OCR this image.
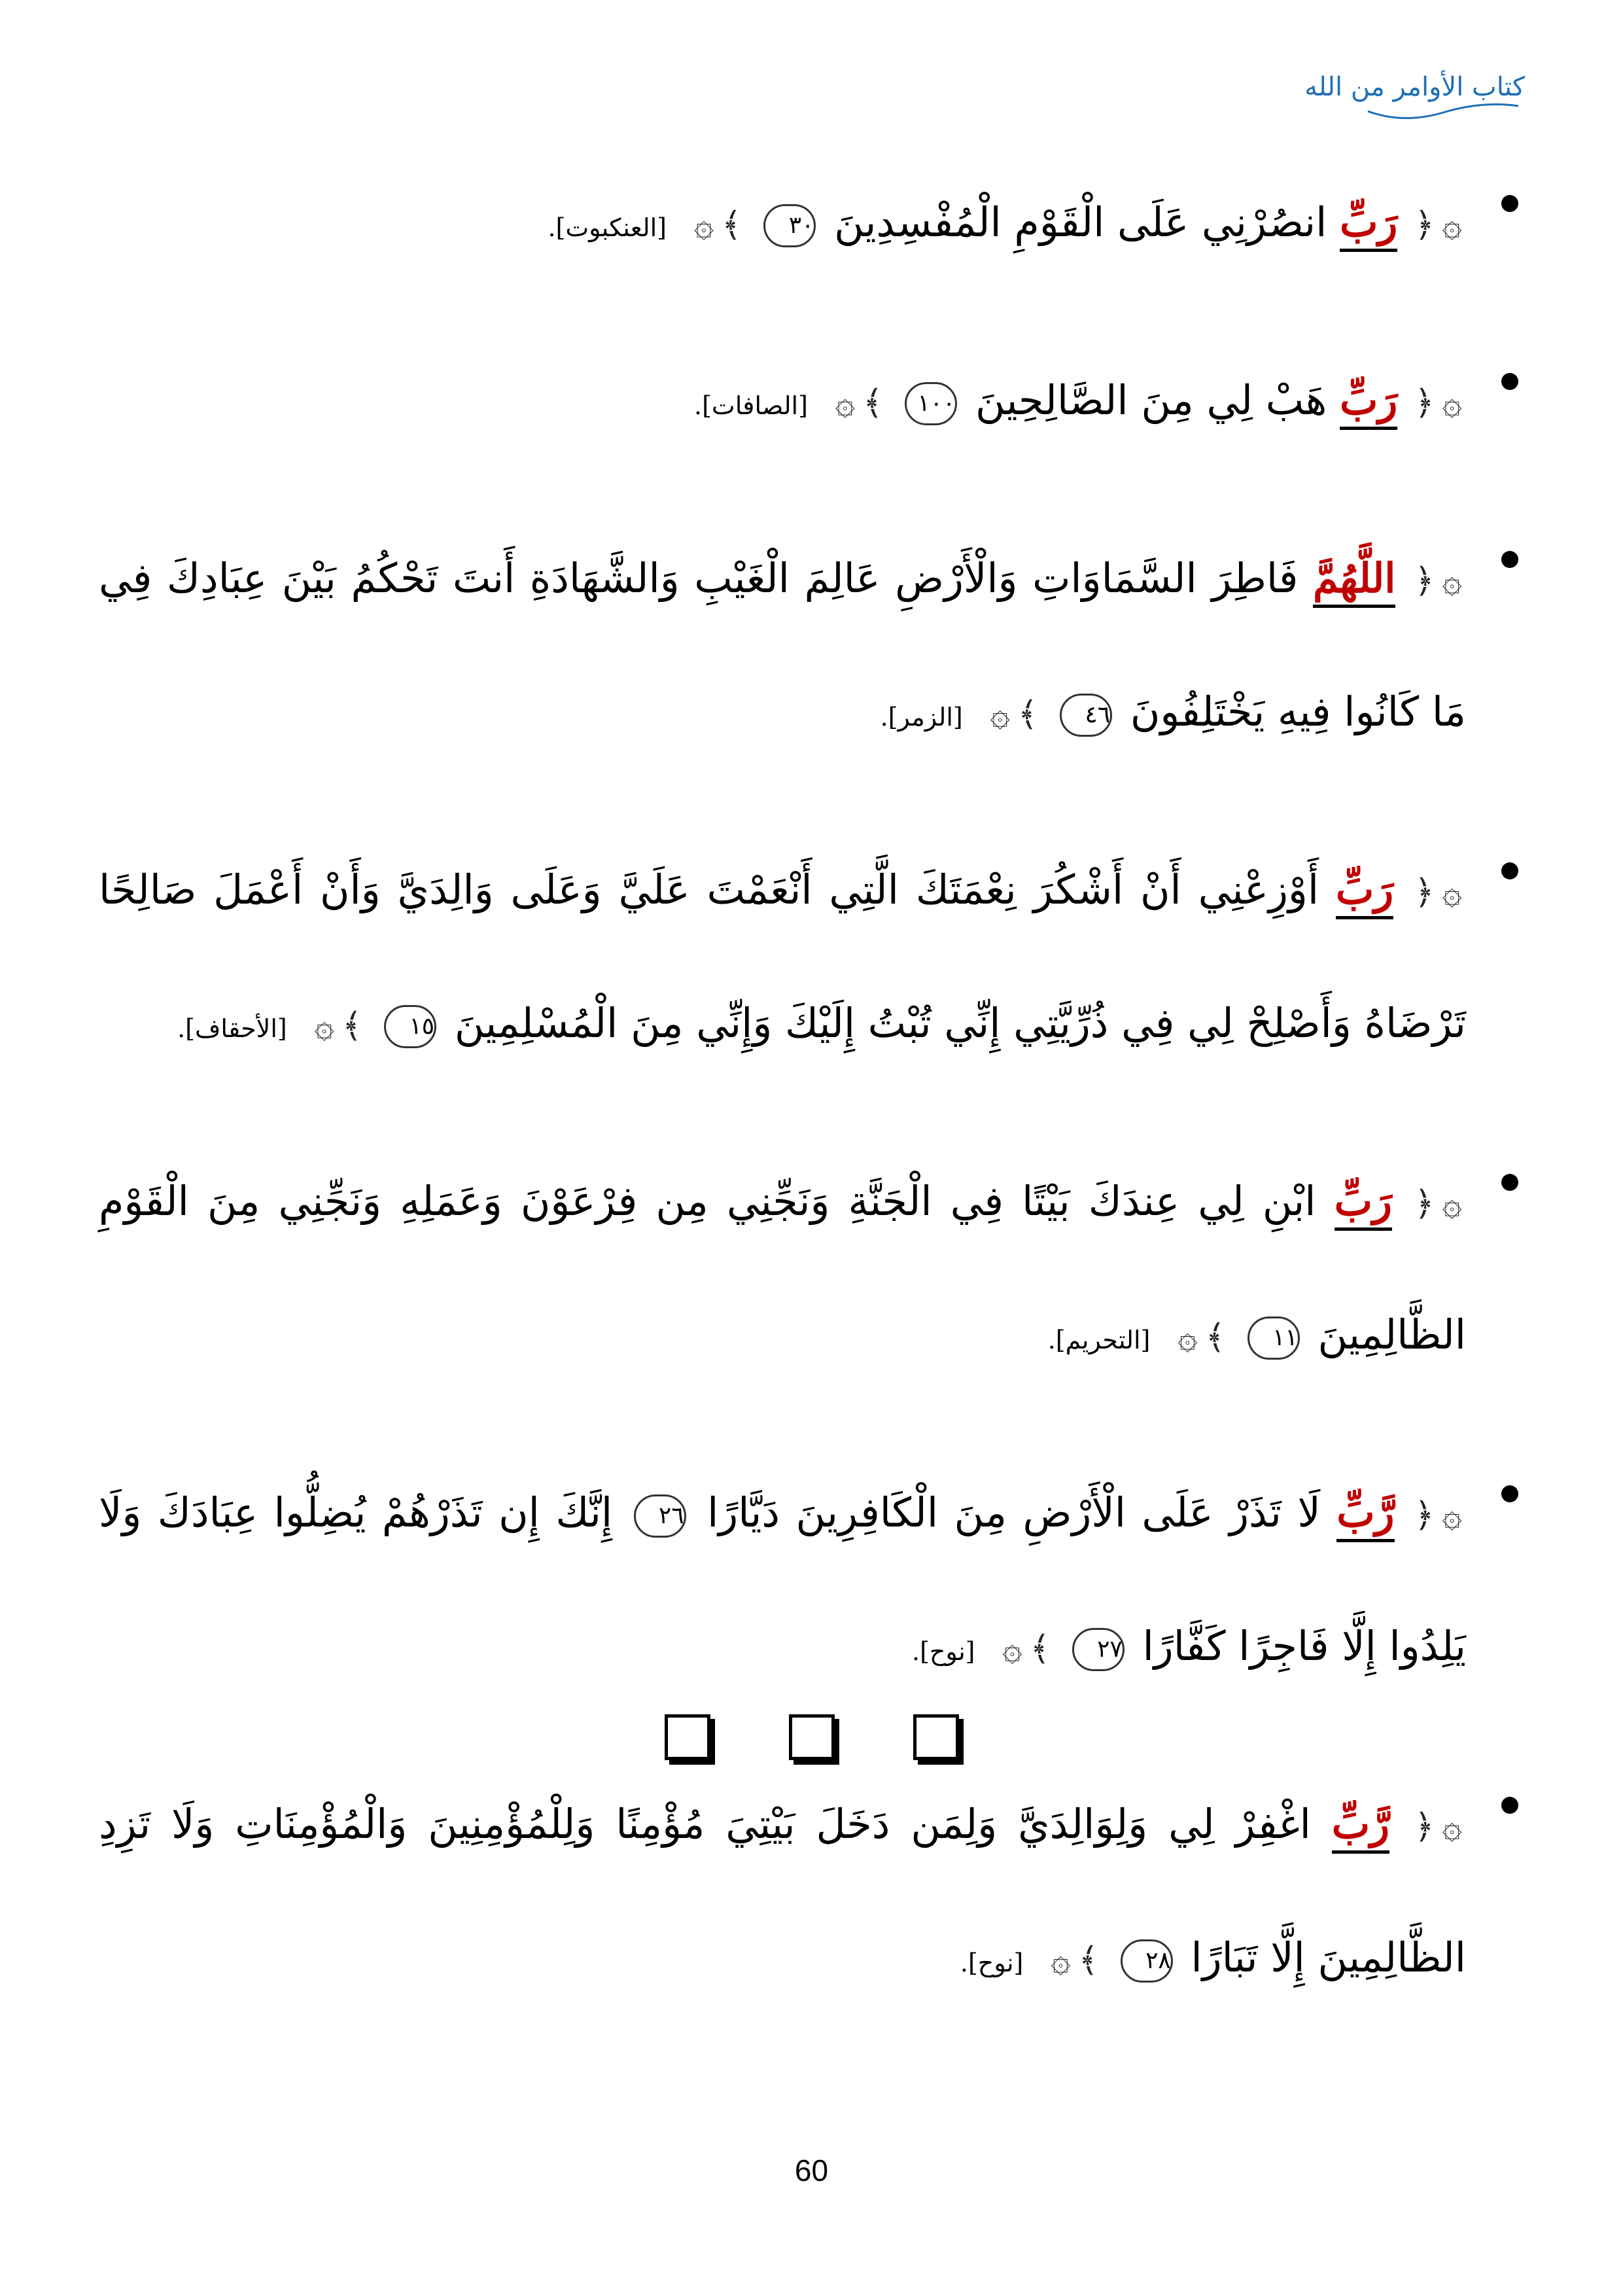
كتاب الأوامر من الله
۞﴿ رَبِّ انصُرْنِي عَلَى الْقَوْمِ الْمُفْسِدِينَ ٣٠ ﴾۞ [العنكبوت].
۞﴿ رَبِّ هَبْ لِي مِنَ الصَّالِحِينَ ١٠٠ ﴾۞ [الصافات].
۞﴿ اللَّهُمَّ فَاطِرَ السَّمَاوَاتِ وَالْأَرْضِ عَالِمَ الْغَيْبِ وَالشَّهَادَةِ أَنتَ تَحْكُمُ بَيْنَ عِبَادِكَ فِي مَا كَانُوا فِيهِ يَخْتَلِفُونَ ٤٦ ﴾۞ [الزمر].
۞﴿ رَبِّ أَوْزِعْنِي أَنْ أَشْكُرَ نِعْمَتَكَ الَّتِي أَنْعَمْتَ عَلَيَّ وَعَلَى وَالِدَيَّ وَأَنْ أَعْمَلَ صَالِحًا تَرْضَاهُ وَأَصْلِحْ لِي فِي ذُرِّيَّتِي إِنِّي تُبْتُ إِلَيْكَ وَإِنِّي مِنَ الْمُسْلِمِينَ ١٥ ﴾۞ [الأحقاف].
۞﴿ رَبِّ ابْنِ لِي عِندَكَ بَيْتًا فِي الْجَنَّةِ وَنَجِّنِي مِن فِرْعَوْنَ وَعَمَلِهِ وَنَجِّنِي مِنَ الْقَوْمِ الظَّالِمِينَ ١١ ﴾۞ [التحريم].
۞﴿ رَّبِّ لَا تَذَرْ عَلَى الْأَرْضِ مِنَ الْكَافِرِينَ دَيَّارًا ٢٦ إِنَّكَ إِن تَذَرْهُمْ يُضِلُّوا عِبَادَكَ وَلَا يَلِدُوا إِلَّا فَاجِرًا كَفَّارًا ٢٧ ﴾۞ [نوح].
۞﴿ رَّبِّ اغْفِرْ لِي وَلِوَالِدَيَّ وَلِمَن دَخَلَ بَيْتِيَ مُؤْمِنًا وَلِلْمُؤْمِنِينَ وَالْمُؤْمِنَاتِ وَلَا تَزِدِ الظَّالِمِينَ إِلَّا تَبَارًا ٢٨ ﴾۞ [نوح].
60
